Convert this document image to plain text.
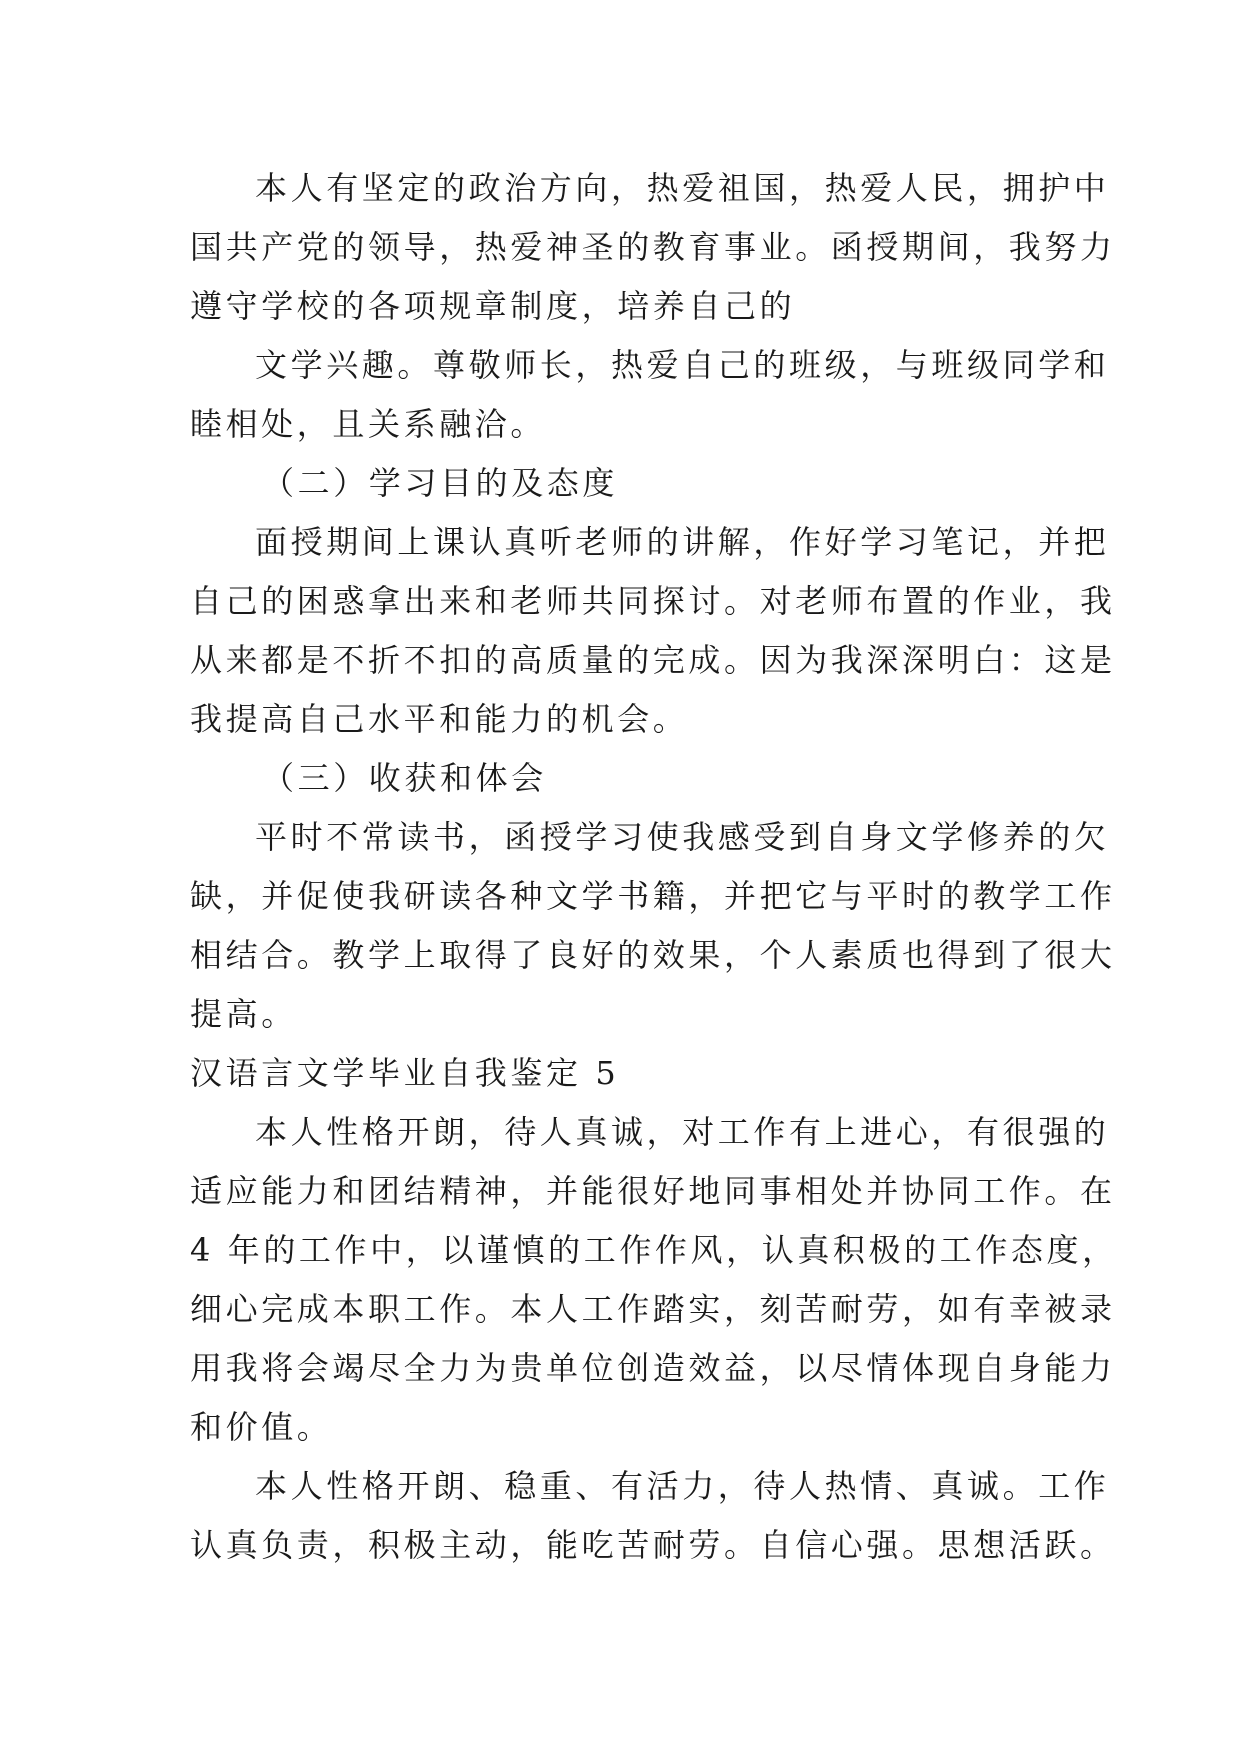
本人有坚定的政治方向，热爱祖国，热爱人民，拥护中
国共产党的领导，热爱神圣的教育事业。函授期间，我努力
遵守学校的各项规章制度，培养自己的
文学兴趣。尊敬师长，热爱自己的班级，与班级同学和
睦相处，且关系融洽。
（二）学习目的及态度
面授期间上课认真听老师的讲解，作好学习笔记，并把
自己的困惑拿出来和老师共同探讨。对老师布置的作业，我
从来都是不折不扣的高质量的完成。因为我深深明白：这是
我提高自己水平和能力的机会。
（三）收获和体会
平时不常读书，函授学习使我感受到自身文学修养的欠
缺，并促使我研读各种文学书籍，并把它与平时的教学工作
相结合。教学上取得了良好的效果，个人素质也得到了很大
提高。
汉语言文学毕业自我鉴定 5
本人性格开朗，待人真诚，对工作有上进心，有很强的
适应能力和团结精神，并能很好地同事相处并协同工作。在
4 年的工作中，以谨慎的工作作风，认真积极的工作态度，
细心完成本职工作。本人工作踏实，刻苦耐劳，如有幸被录
用我将会竭尽全力为贵单位创造效益，以尽情体现自身能力
和价值。
本人性格开朗、稳重、有活力，待人热情、真诚。工作
认真负责，积极主动，能吃苦耐劳。自信心强。思想活跃。
